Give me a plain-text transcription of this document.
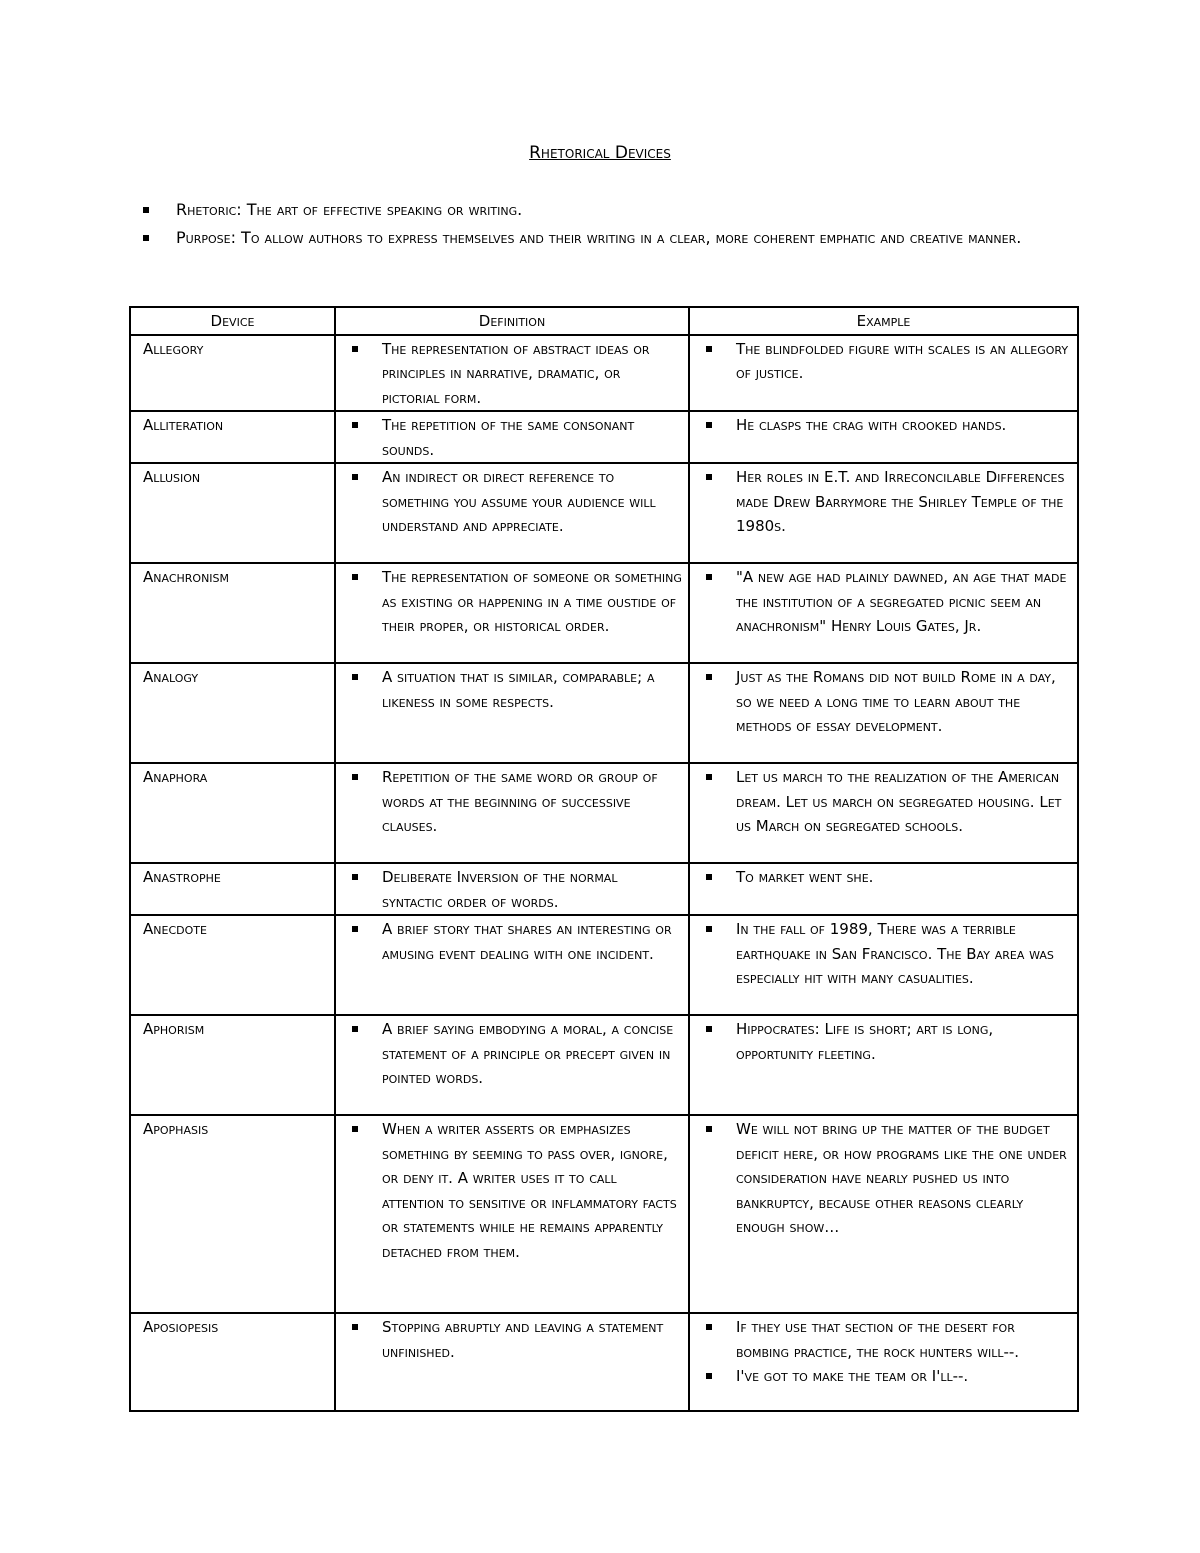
Rhetorical Devices
Rhetoric: The art of effective speaking or writing.
Purpose: To allow authors to express themselves and their writing in a clear, more coherent emphatic and creative manner.
Device	Definition	Example
Allegory	The representation of abstract ideas or principles in narrative, dramatic, or pictorial form.	The blindfolded figure with scales is an allegory of justice.

Alliteration	The repetition of the same consonant sounds.	He clasps the crag with crooked hands.

Allusion	An indirect or direct reference to something you assume your audience will understand and appreciate.	Her roles in E.T. and Irreconcilable Differences made Drew Barrymore the Shirley Temple of the 1980s.

Anachronism	The representation of someone or something as existing or happening in a time oustide of their proper, or historical order.	"A new age had plainly dawned, an age that made the institution of a segregated picnic seem an anachronism" Henry Louis Gates, Jr.

Analogy	A situation that is similar, comparable; a likeness in some respects.	Just as the Romans did not build Rome in a day, so we need a long time to learn about the methods of essay development.

Anaphora	Repetition of the same word or group of words at the beginning of successive clauses.	Let us march to the realization of the American dream. Let us march on segregated housing. Let us March on segregated schools.

Anastrophe	Deliberate Inversion of the normal syntactic order of words.	To market went she.

Anecdote	A brief story that shares an interesting or amusing event dealing with one incident.	In the fall of 1989, There was a terrible earthquake in San Francisco. The Bay area was especially hit with many casualities.

Aphorism	A brief saying embodying a moral, a concise statement of a principle or precept given in pointed words.	Hippocrates: Life is short; art is long, opportunity fleeting.

Apophasis	When a writer asserts or emphasizes something by seeming to pass over, ignore, or deny it. A writer uses it to call attention to sensitive or inflammatory facts or statements while he remains apparently detached from them.	We will not bring up the matter of the budget deficit here, or how programs like the one under consideration have nearly pushed us into bankruptcy, because other reasons clearly enough show…

Aposiopesis	Stopping abruptly and leaving a statement unfinished.	If they use that section of the desert for bombing practice, the rock hunters will--.
I've got to make the team or I'll--.
